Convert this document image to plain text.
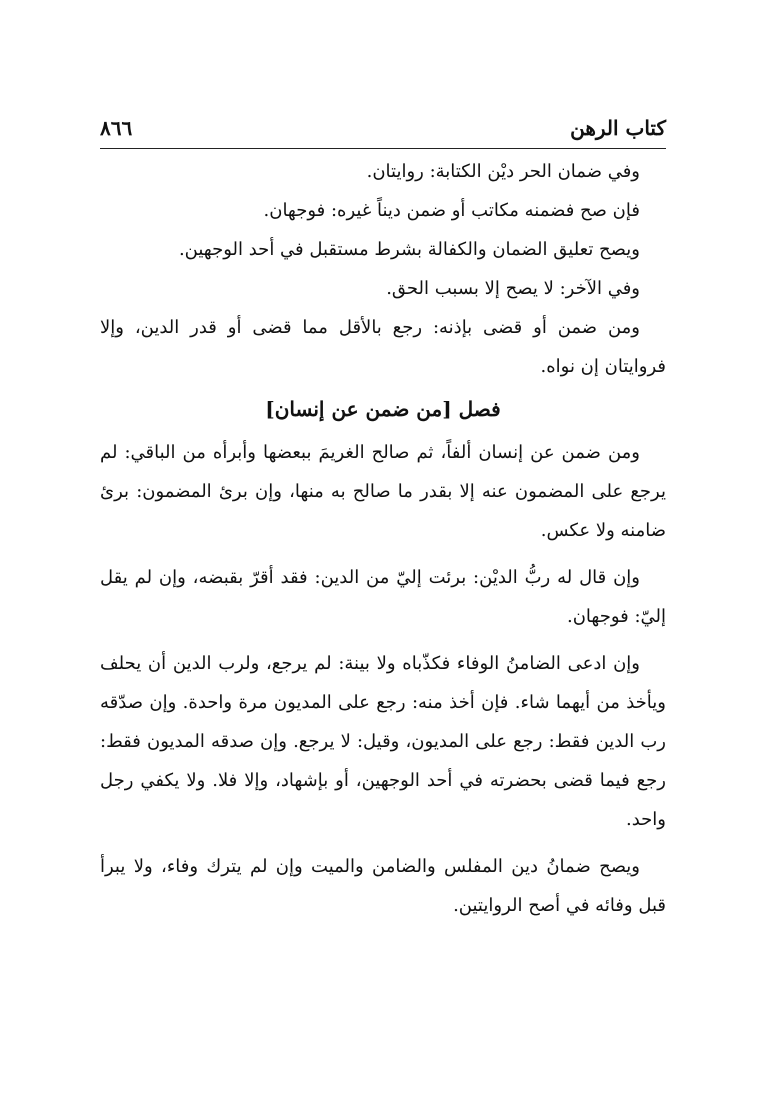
كتاب الرهن
٨٦٦

وفي ضمان الحر ديْن الكتابة: روايتان.

فإن صح فضمنه مكاتب أو ضمن ديناً غيره: فوجهان.

ويصح تعليق الضمان والكفالة بشرط مستقبل في أحد الوجهين.

وفي الآخر: لا يصح إلا بسبب الحق.

ومن ضمن أو قضى بإذنه: رجع بالأقل مما قضى أو قدر الدين، وإلا فروايتان إن نواه.

فصل [من ضمن عن إنسان]

ومن ضمن عن إنسان ألفاً، ثم صالح الغريمَ ببعضها وأبرأه من الباقي: لم يرجع على المضمون عنه إلا بقدر ما صالح به منها، وإن برئ المضمون: برئ ضامنه ولا عكس.

وإن قال له ربُّ الديْن: برئت إليّ من الدين: فقد أقرّ بقبضه، وإن لم يقل إليّ: فوجهان.

وإن ادعى الضامنُ الوفاء فكذّباه ولا بينة: لم يرجع، ولرب الدين أن يحلف ويأخذ من أيهما شاء. فإن أخذ منه: رجع على المديون مرة واحدة. وإن صدّقه رب الدين فقط: رجع على المديون، وقيل: لا يرجع. وإن صدقه المديون فقط: رجع فيما قضى بحضرته في أحد الوجهين، أو بإشهاد، وإلا فلا. ولا يكفي رجل واحد.

ويصح ضمانُ دين المفلس والضامن والميت وإن لم يترك وفاء، ولا يبرأ قبل وفائه في أصح الروايتين.
